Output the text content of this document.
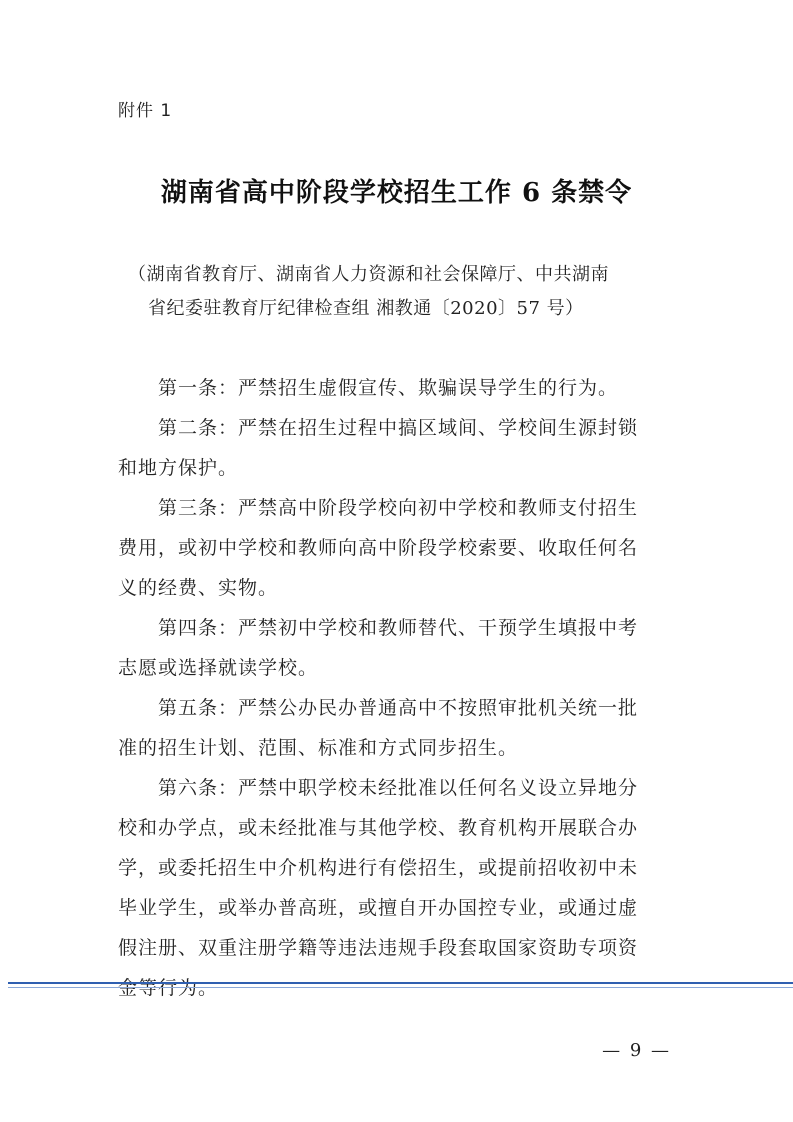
附件 1
湖南省高中阶段学校招生工作 6 条禁令
（湖南省教育厅、湖南省人力资源和社会保障厅、中共湖南
省纪委驻教育厅纪律检查组 湘教通〔2020〕57 号）
第一条：严禁招生虚假宣传、欺骗误导学生的行为。
第二条：严禁在招生过程中搞区域间、学校间生源封锁
和地方保护。
第三条：严禁高中阶段学校向初中学校和教师支付招生
费用，或初中学校和教师向高中阶段学校索要、收取任何名
义的经费、实物。
第四条：严禁初中学校和教师替代、干预学生填报中考
志愿或选择就读学校。
第五条：严禁公办民办普通高中不按照审批机关统一批
准的招生计划、范围、标准和方式同步招生。
第六条：严禁中职学校未经批准以任何名义设立异地分
校和办学点，或未经批准与其他学校、教育机构开展联合办
学，或委托招生中介机构进行有偿招生，或提前招收初中未
毕业学生，或举办普高班，或擅自开办国控专业，或通过虚
假注册、双重注册学籍等违法违规手段套取国家资助专项资
金等行为。
— 9 —
